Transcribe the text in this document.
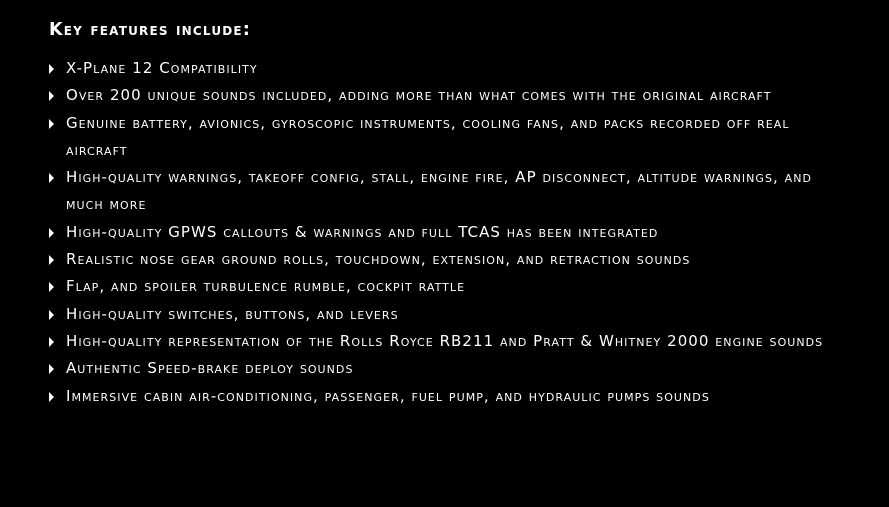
Key features include:
X-Plane 12 Compatibility
Over 200 unique sounds included, adding more than what comes with the original aircraft
Genuine battery, avionics, gyroscopic instruments, cooling fans, and packs recorded off real aircraft
High-quality warnings, takeoff config, stall, engine fire, AP disconnect, altitude warnings, and much more
High-quality GPWS callouts & warnings and full TCAS has been integrated
Realistic nose gear ground rolls, touchdown, extension, and retraction sounds
Flap, and spoiler turbulence rumble, cockpit rattle
High-quality switches, buttons, and levers
High-quality representation of the Rolls Royce RB211 and Pratt & Whitney 2000 engine sounds
Authentic Speed-brake deploy sounds
Immersive cabin air-conditioning, passenger, fuel pump, and hydraulic pumps sounds
